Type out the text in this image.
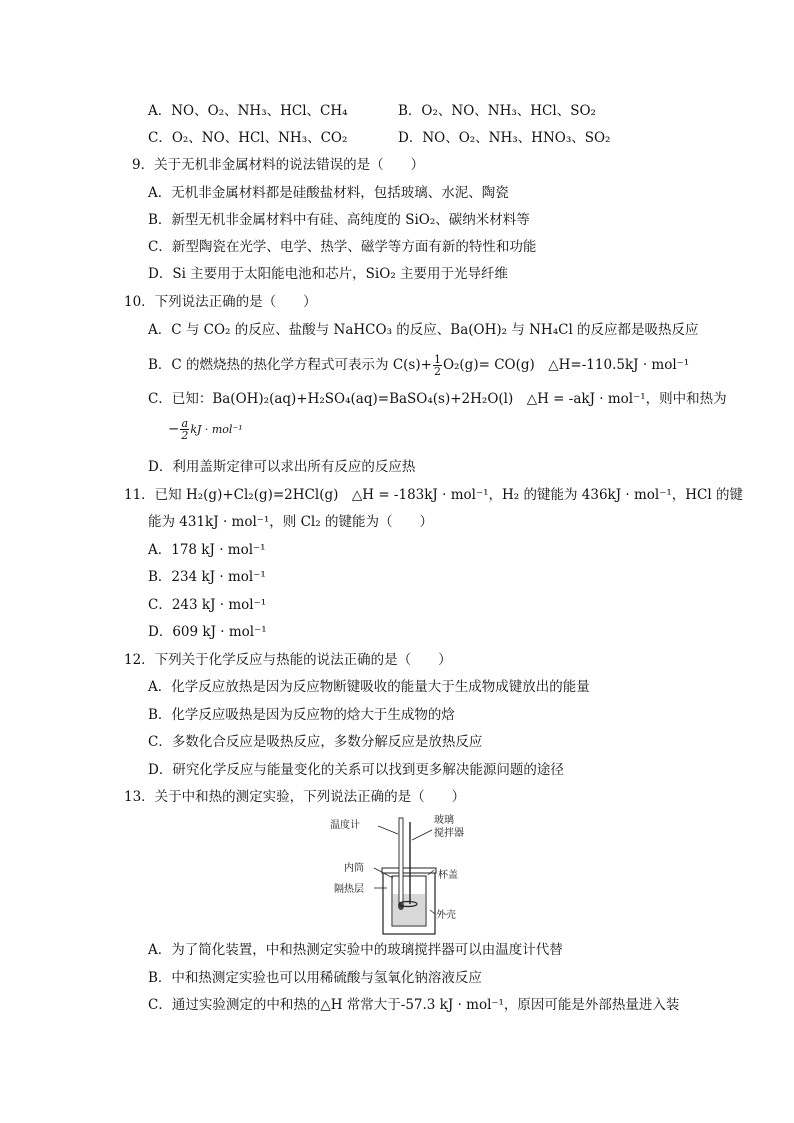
A．NO、O₂、NH₃、HCl、CH₄	B．O₂、NO、NH₃、HCl、SO₂
C．O₂、NO、HCl、NH₃、CO₂	D．NO、O₂、NH₃、HNO₃、SO₂
9．关于无机非金属材料的说法错误的是（　　）
A．无机非金属材料都是硅酸盐材料，包括玻璃、水泥、陶瓷
B．新型无机非金属材料中有硅、高纯度的 SiO₂、碳纳米材料等
C．新型陶瓷在光学、电学、热学、磁学等方面有新的特性和功能
D．Si 主要用于太阳能电池和芯片，SiO₂ 主要用于光导纤维
10．下列说法正确的是（　　）
A．C 与 CO₂ 的反应、盐酸与 NaHCO₃ 的反应、Ba(OH)₂ 与 NH₄Cl 的反应都是吸热反应
B．C 的燃烧热的热化学方程式可表示为 $C(s)+ \frac{1}{2} O_2(g)= CO(g)$　△H=-110.5kJ · mol⁻¹
C．已知：Ba(OH)₂(aq)+H₂SO₄(aq)=BaSO₄(s)+2H₂O(l)　△H = -akJ · mol⁻¹，则中和热为
− $\frac{a}{2}$ kJ · mol⁻¹
D．利用盖斯定律可以求出所有反应的反应热
11．已知 H₂(g)+Cl₂(g)=2HCl(g)　△H = -183kJ · mol⁻¹，H₂ 的键能为 436kJ · mol⁻¹，HCl 的键
能为 431kJ · mol⁻¹，则 Cl₂ 的键能为（　　）
A．178 kJ · mol⁻¹
B．234 kJ · mol⁻¹
C．243 kJ · mol⁻¹
D．609 kJ · mol⁻¹
12．下列关于化学反应与热能的说法正确的是（　　）
A．化学反应放热是因为反应物断键吸收的能量大于生成物成键放出的能量
B．化学反应吸热是因为反应物的焓大于生成物的焓
C．多数化合反应是吸热反应，多数分解反应是放热反应
D．研究化学反应与能量变化的关系可以找到更多解决能源问题的途径
13．关于中和热的测定实验，下列说法正确的是（　　）
温度计	玻璃
搅拌器
内筒
杯盖
隔热层
外壳
A．为了简化装置，中和热测定实验中的玻璃搅拌器可以由温度计代替
B．中和热测定实验也可以用稀硫酸与氢氧化钠溶液反应
C．通过实验测定的中和热的△H 常常大于-57.3 kJ · mol⁻¹，原因可能是外部热量进入装
